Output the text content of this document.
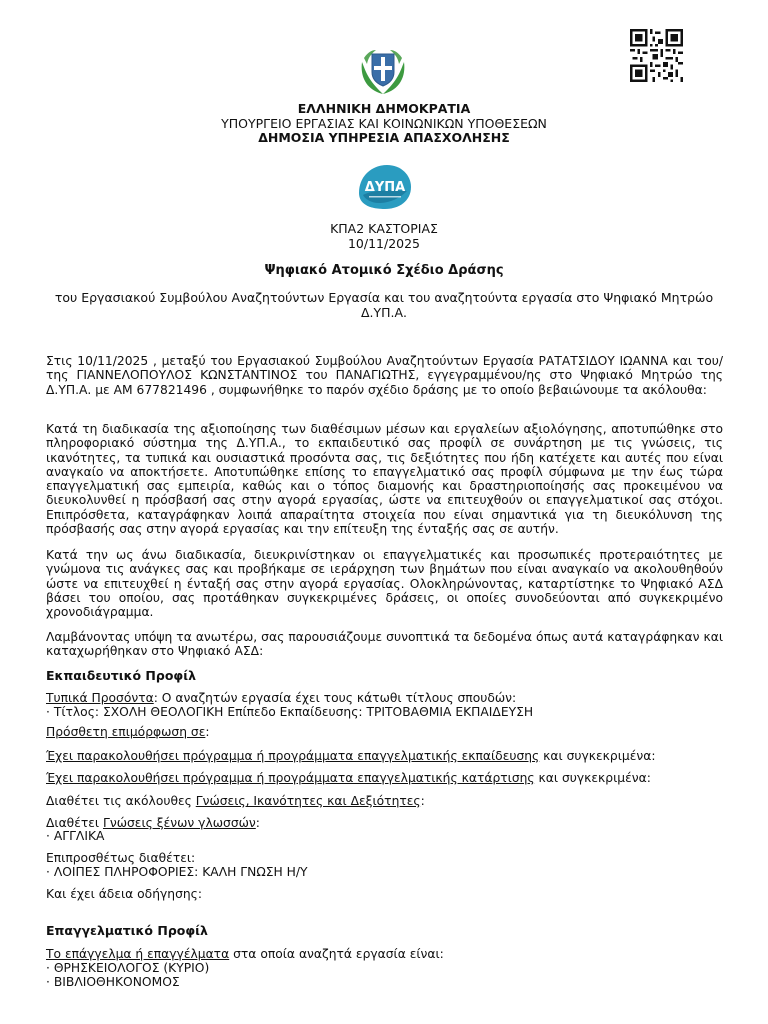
ΕΛΛΗΝΙΚΗ ΔΗΜΟΚΡΑΤΙΑ
ΥΠΟΥΡΓΕΙΟ ΕΡΓΑΣΙΑΣ ΚΑΙ ΚΟΙΝΩΝΙΚΩΝ ΥΠΟΘΕΣΕΩΝ
ΔΗΜΟΣΙΑ ΥΠΗΡΕΣΙΑ ΑΠΑΣΧΟΛΗΣΗΣ
ΔΥΠΑ
ΚΠΑ2 ΚΑΣΤΟΡΙΑΣ
10/11/2025
Ψηφιακό Ατομικό Σχέδιο Δράσης
του Εργασιακού Συμβούλου Αναζητούντων Εργασία και του αναζητούντα εργασία στο Ψηφιακό Μητρώο Δ.ΥΠ.Α.

Στις 10/11/2025 , μεταξύ του Εργασιακού Συμβούλου Αναζητούντων Εργασία ΡΑΤΑΤΣΙΔΟΥ ΙΩΑΝΝΑ και του/της ΓΙΑΝΝΕΛΟΠΟΥΛΟΣ ΚΩΝΣΤΑΝΤΙΝΟΣ του ΠΑΝΑΓΙΩΤΗΣ, εγγεγραμμένου/ης στο Ψηφιακό Μητρώο της Δ.ΥΠ.Α. με ΑΜ 677821496 , συμφωνήθηκε το παρόν σχέδιο δράσης με το οποίο βεβαιώνουμε τα ακόλουθα:

Κατά τη διαδικασία της αξιοποίησης των διαθέσιμων μέσων και εργαλείων αξιολόγησης, αποτυπώθηκε στο πληροφοριακό σύστημα της Δ.ΥΠ.Α., το εκπαιδευτικό σας προφίλ σε συνάρτηση με τις γνώσεις, τις ικανότητες, τα τυπικά και ουσιαστικά προσόντα σας, τις δεξιότητες που ήδη κατέχετε και αυτές που είναι αναγκαίο να αποκτήσετε. Αποτυπώθηκε επίσης το επαγγελματικό σας προφίλ σύμφωνα με την έως τώρα επαγγελματική σας εμπειρία, καθώς και ο τόπος διαμονής και δραστηριοποίησής σας προκειμένου να διευκολυνθεί η πρόσβασή σας στην αγορά εργασίας, ώστε να επιτευχθούν οι επαγγελματικοί σας στόχοι. Επιπρόσθετα, καταγράφηκαν λοιπά απαραίτητα στοιχεία που είναι σημαντικά για τη διευκόλυνση της πρόσβασής σας στην αγορά εργασίας και την επίτευξη της ένταξής σας σε αυτήν.

Κατά την ως άνω διαδικασία, διευκρινίστηκαν οι επαγγελματικές και προσωπικές προτεραιότητες με γνώμονα τις ανάγκες σας και προβήκαμε σε ιεράρχηση των βημάτων που είναι αναγκαίο να ακολουθηθούν ώστε να επιτευχθεί η ένταξή σας στην αγορά εργασίας. Ολοκληρώνοντας, καταρτίστηκε το Ψηφιακό ΑΣΔ βάσει του οποίου, σας προτάθηκαν συγκεκριμένες δράσεις, οι οποίες συνοδεύονται από συγκεκριμένο χρονοδιάγραμμα.

Λαμβάνοντας υπόψη τα ανωτέρω, σας παρουσιάζουμε συνοπτικά τα δεδομένα όπως αυτά καταγράφηκαν και καταχωρήθηκαν στο Ψηφιακό ΑΣΔ:

Εκπαιδευτικό Προφίλ
Τυπικά Προσόντα: Ο αναζητών εργασία έχει τους κάτωθι τίτλους σπουδών:
· Τίτλος: ΣΧΟΛΗ ΘΕΟΛΟΓΙΚΗ Επίπεδο Εκπαίδευσης: ΤΡΙΤΟΒΑΘΜΙΑ ΕΚΠΑΙΔΕΥΣΗ
Πρόσθετη επιμόρφωση σε:
Έχει παρακολουθήσει πρόγραμμα ή προγράμματα επαγγελματικής εκπαίδευσης και συγκεκριμένα:
Έχει παρακολουθήσει πρόγραμμα ή προγράμματα επαγγελματικής κατάρτισης και συγκεκριμένα:
Διαθέτει τις ακόλουθες Γνώσεις, Ικανότητες και Δεξιότητες:
Διαθέτει Γνώσεις ξένων γλωσσών:
· ΑΓΓΛΙΚΑ
Επιπροσθέτως διαθέτει:
· ΛΟΙΠΕΣ ΠΛΗΡΟΦΟΡΙΕΣ: ΚΑΛΗ ΓΝΩΣΗ Η/Υ
Και έχει άδεια οδήγησης:
Επαγγελματικό Προφίλ
Το επάγγελμα ή επαγγέλματα στα οποία αναζητά εργασία είναι:
· ΘΡΗΣΚΕΙΟΛΟΓΟΣ (ΚΥΡΙΟ)
· ΒΙΒΛΙΟΘΗΚΟΝΟΜΟΣ
